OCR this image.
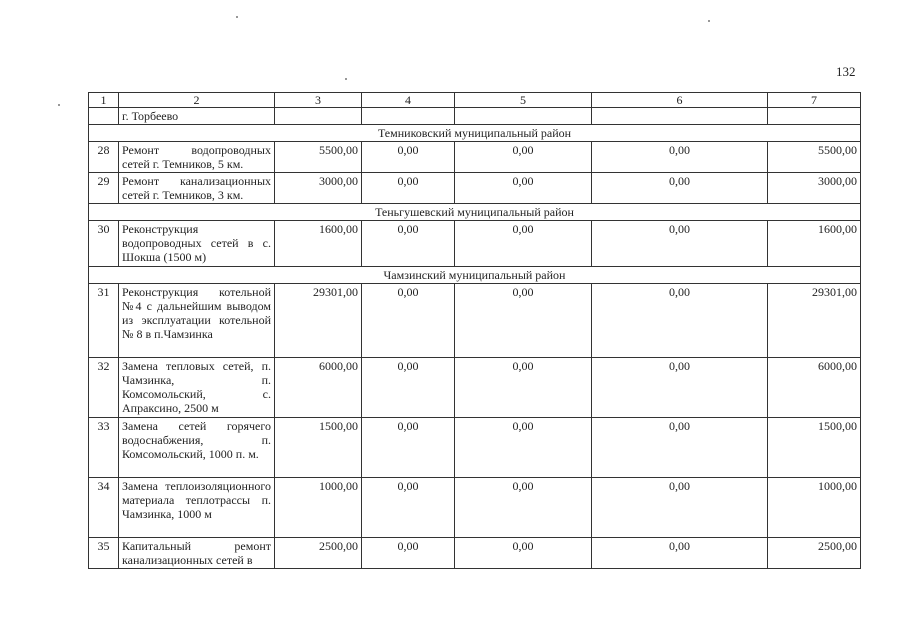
132
1	2	3	4	5	6	7
	г. Торбеево					
Темниковский муниципальный район						
28	Ремонт водопроводных сетей г. Темников, 5 км.	5500,00	0,00	0,00	0,00	5500,00
29	Ремонт канализационных сетей г. Темников, 3 км.	3000,00	0,00	0,00	0,00	3000,00
Теньгушевский муниципальный район						
30	Реконструкция водопроводных сетей в с. Шокша (1500 м)	1600,00	0,00	0,00	0,00	1600,00
Чамзинский муниципальный район						
31	Реконструкция котельной №4 с дальнейшим выводом из эксплуатации котельной № 8 в п.Чамзинка	29301,00	0,00	0,00	0,00	29301,00
32	Замена тепловых сетей, п. Чамзинка, п. Комсомольский, с. Апраксино, 2500 м	6000,00	0,00	0,00	0,00	6000,00
33	Замена сетей горячего водоснабжения, п. Комсомольский, 1000 п. м.	1500,00	0,00	0,00	0,00	1500,00
34	Замена теплоизоляционного материала теплотрассы п. Чамзинка, 1000 м	1000,00	0,00	0,00	0,00	1000,00
35	Капитальный ремонт канализационных сетей в	2500,00	0,00	0,00	0,00	2500,00
